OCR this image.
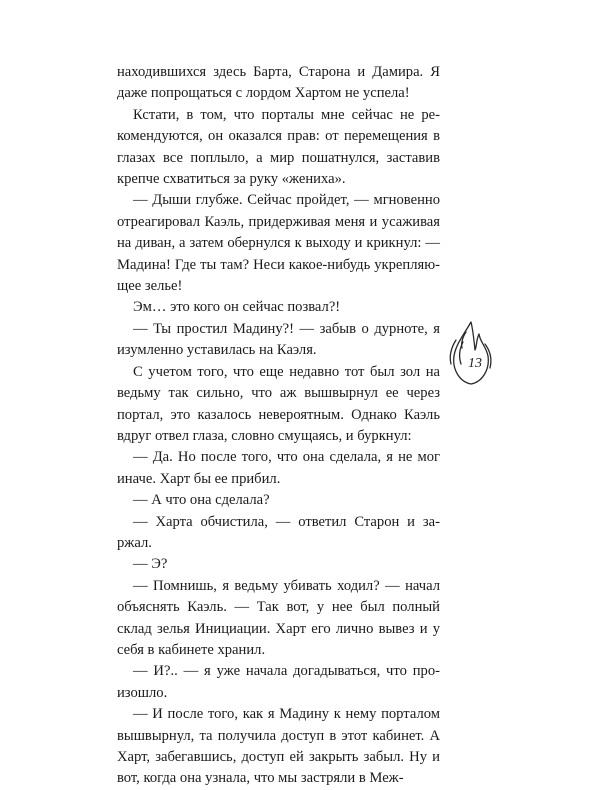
находившихся здесь Барта, Старона и Дамира. Я даже попрощаться с лордом Хартом не успела!

Кстати, в том, что порталы мне сейчас не рекомендуются, он оказался прав: от перемещения в глазах все поплыло, а мир пошатнулся, заставив крепче схватиться за руку «жениха».

— Дыши глубже. Сейчас пройдет, — мгновенно отреагировал Каэль, придерживая меня и усаживая на диван, а затем обернулся к выходу и крикнул: — Мадина! Где ты там? Неси какое-нибудь укрепляющее зелье!

Эм… это кого он сейчас позвал?!

— Ты простил Мадину?! — забыв о дурноте, я изумленно уставилась на Каэля.

С учетом того, что еще недавно тот был зол на ведьму так сильно, что аж вышвырнул ее через портал, это казалось невероятным. Однако Каэль вдруг отвел глаза, словно смущаясь, и буркнул:

— Да. Но после того, что она сделала, я не мог иначе. Харт бы ее прибил.

— А что она сделала?

— Харта обчистила, — ответил Старон и заржал.

— Э?

— Помнишь, я ведьму убивать ходил? — начал объяснять Каэль. — Так вот, у нее был полный склад зелья Инициации. Харт его лично вывез и у себя в кабинете хранил.

— И?.. — я уже начала догадываться, что произошло.

— И после того, как я Мадину к нему порталом вышвырнул, та получила доступ в этот кабинет. А Харт, забегавшись, доступ ей закрыть забыл. Ну и вот, когда она узнала, что мы застряли в Меж-

13
